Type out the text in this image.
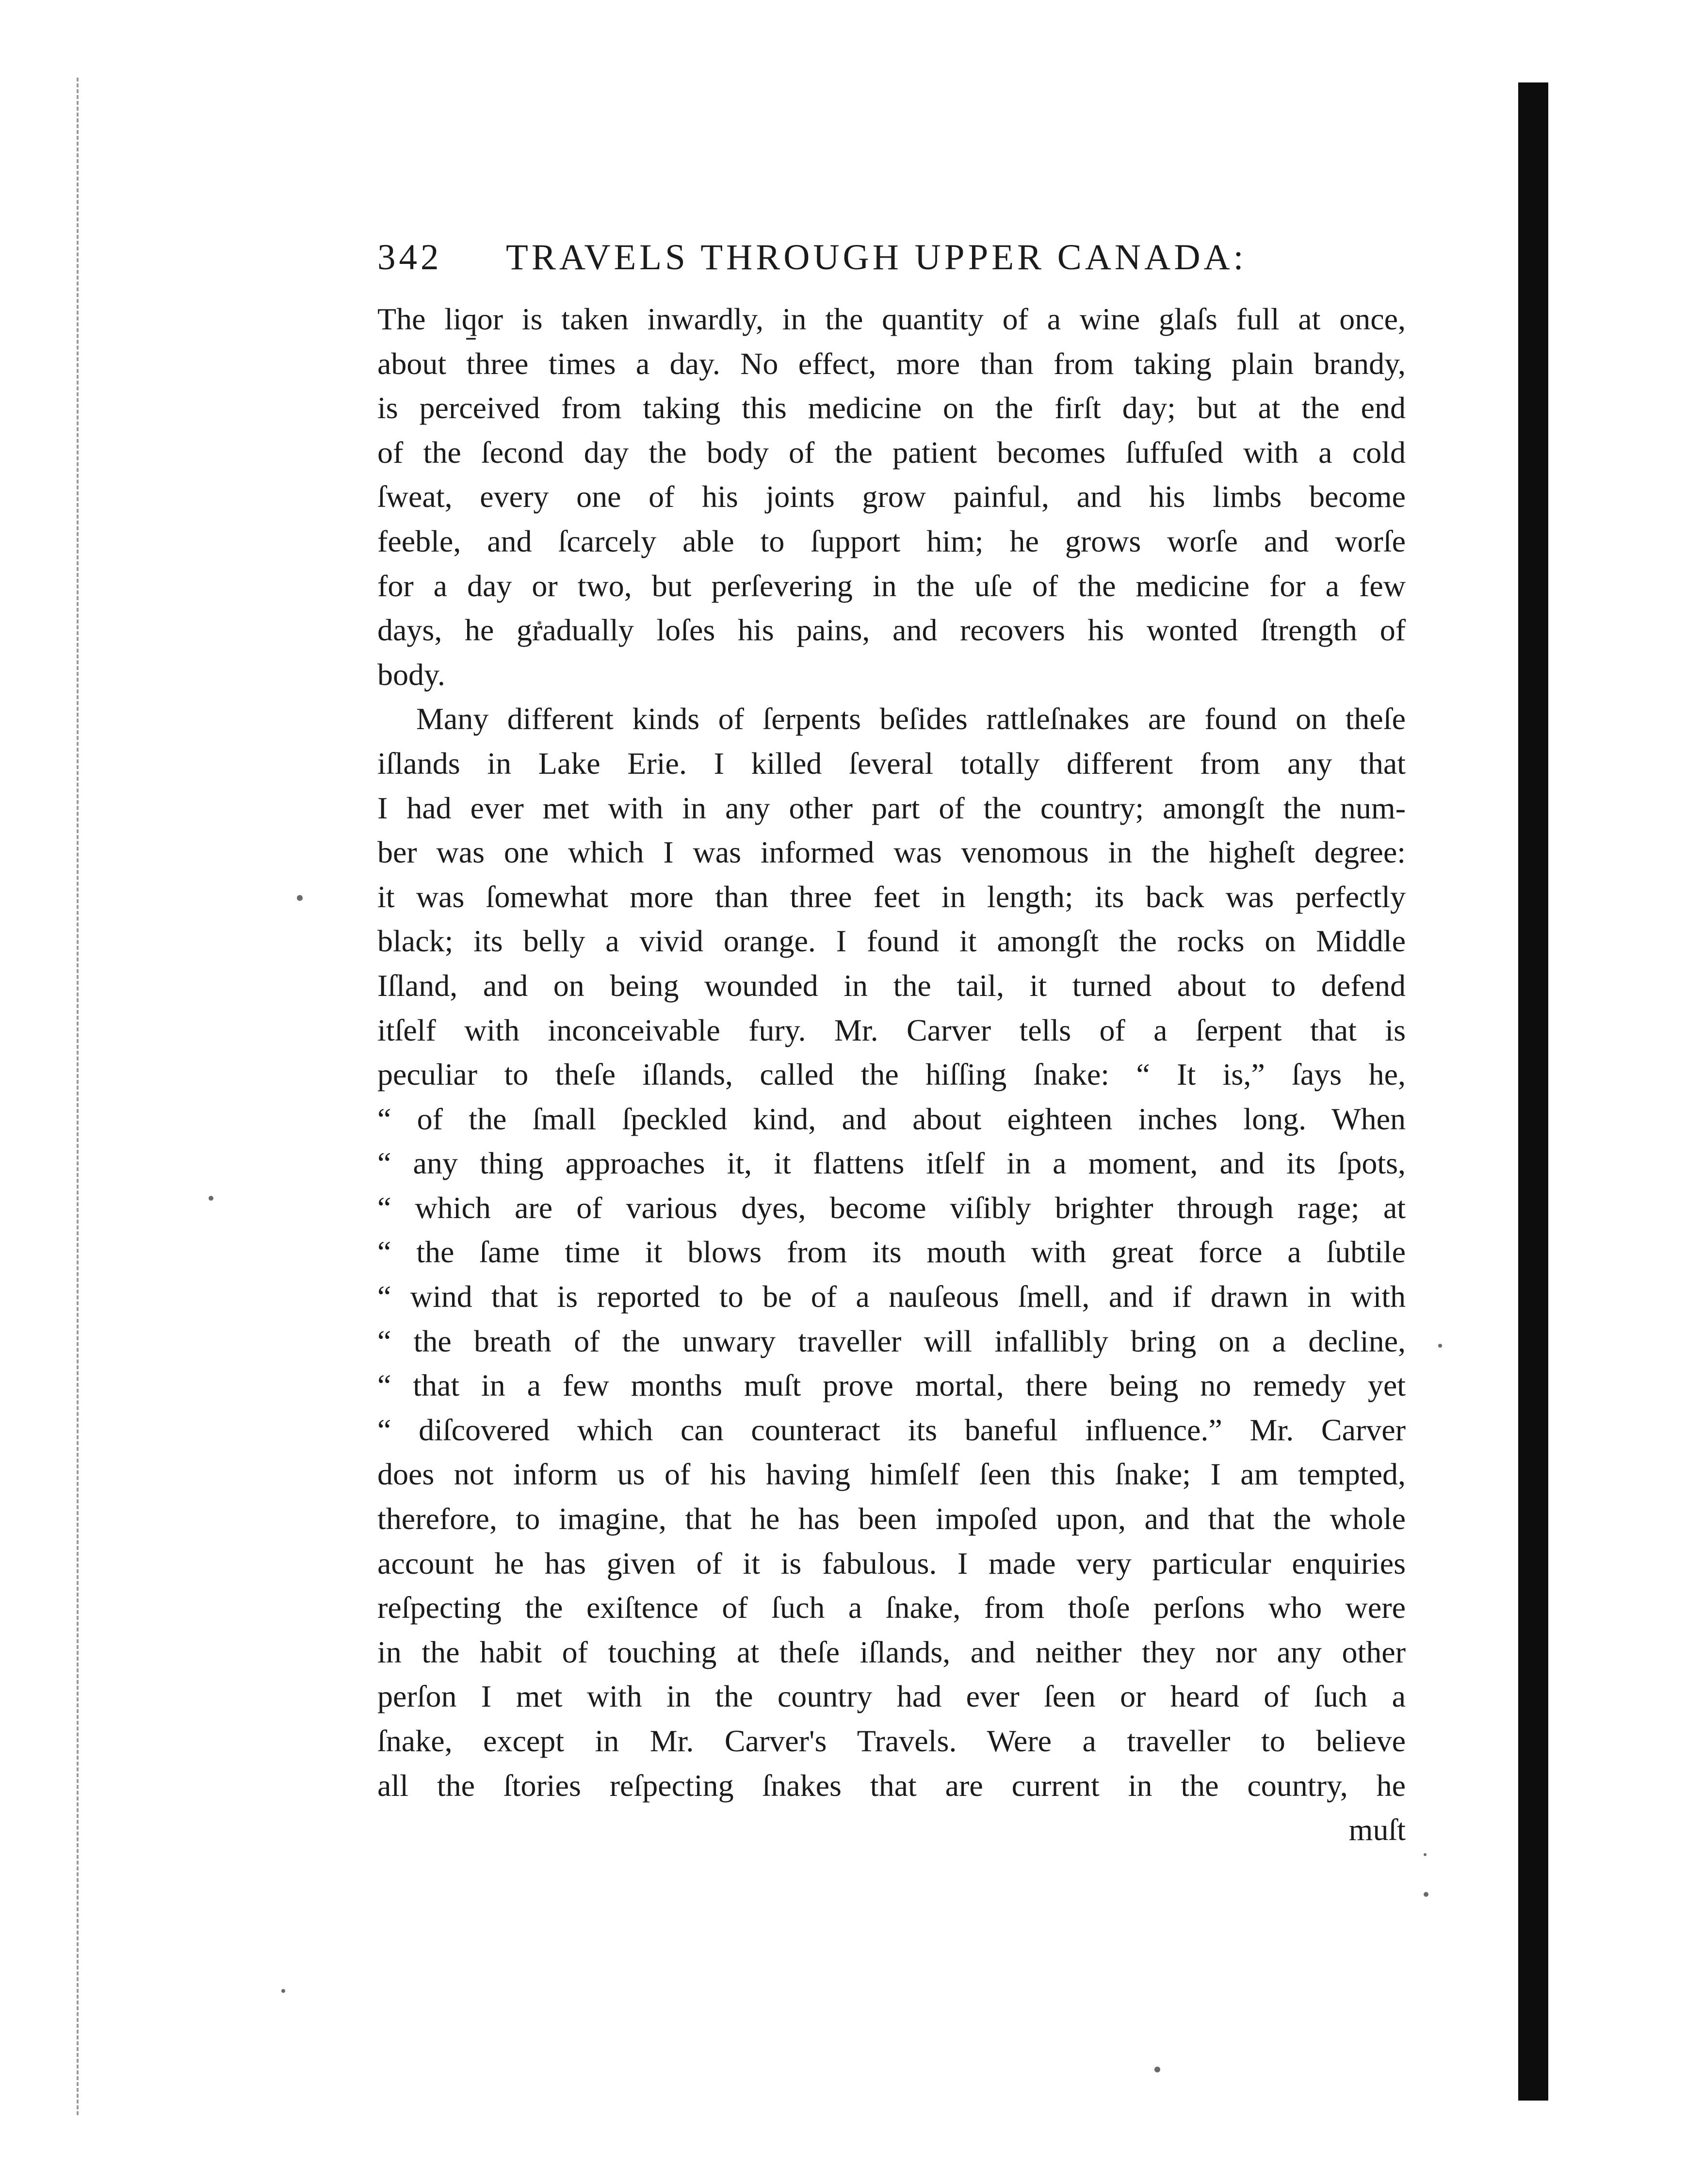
342 TRAVELS THROUGH UPPER CANADA:
The liq̱or is taken inwardly, in the quantity of a wine glaſs full at once,
about three times a day. No effect, more than from taking plain brandy,
is perceived from taking this medicine on the firſt day; but at the end
of the ſecond day the body of the patient becomes ſuffuſed with a cold
ſweat, every one of his joints grow painful, and his limbs become
feeble, and ſcarcely able to ſupport him; he grows worſe and worſe
for a day or two, but perſevering in the uſe of the medicine for a few
days, he gradually loſes his pains, and recovers his wonted ſtrength of
body.
Many different kinds of ſerpents beſides rattleſnakes are found on theſe
iſlands in Lake Erie. I killed ſeveral totally different from any that
I had ever met with in any other part of the country; amongſt the num-
ber was one which I was informed was venomous in the higheſt degree:
it was ſomewhat more than three feet in length; its back was perfectly
black; its belly a vivid orange. I found it amongſt the rocks on Middle
Iſland, and on being wounded in the tail, it turned about to defend
itſelf with inconceivable fury. Mr. Carver tells of a ſerpent that is
peculiar to theſe iſlands, called the hiſſing ſnake: “ It is,” ſays he,
“ of the ſmall ſpeckled kind, and about eighteen inches long. When
“ any thing approaches it, it flattens itſelf in a moment, and its ſpots,
“ which are of various dyes, become viſibly brighter through rage; at
“ the ſame time it blows from its mouth with great force a ſubtile
“ wind that is reported to be of a nauſeous ſmell, and if drawn in with
“ the breath of the unwary traveller will infallibly bring on a decline,
“ that in a few months muſt prove mortal, there being no remedy yet
“ diſcovered which can counteract its baneful influence.” Mr. Carver
does not inform us of his having himſelf ſeen this ſnake; I am tempted,
therefore, to imagine, that he has been impoſed upon, and that the whole
account he has given of it is fabulous. I made very particular enquiries
reſpecting the exiſtence of ſuch a ſnake, from thoſe perſons who were
in the habit of touching at theſe iſlands, and neither they nor any other
perſon I met with in the country had ever ſeen or heard of ſuch a
ſnake, except in Mr. Carver's Travels. Were a traveller to believe
all the ſtories reſpecting ſnakes that are current in the country, he
muſt
